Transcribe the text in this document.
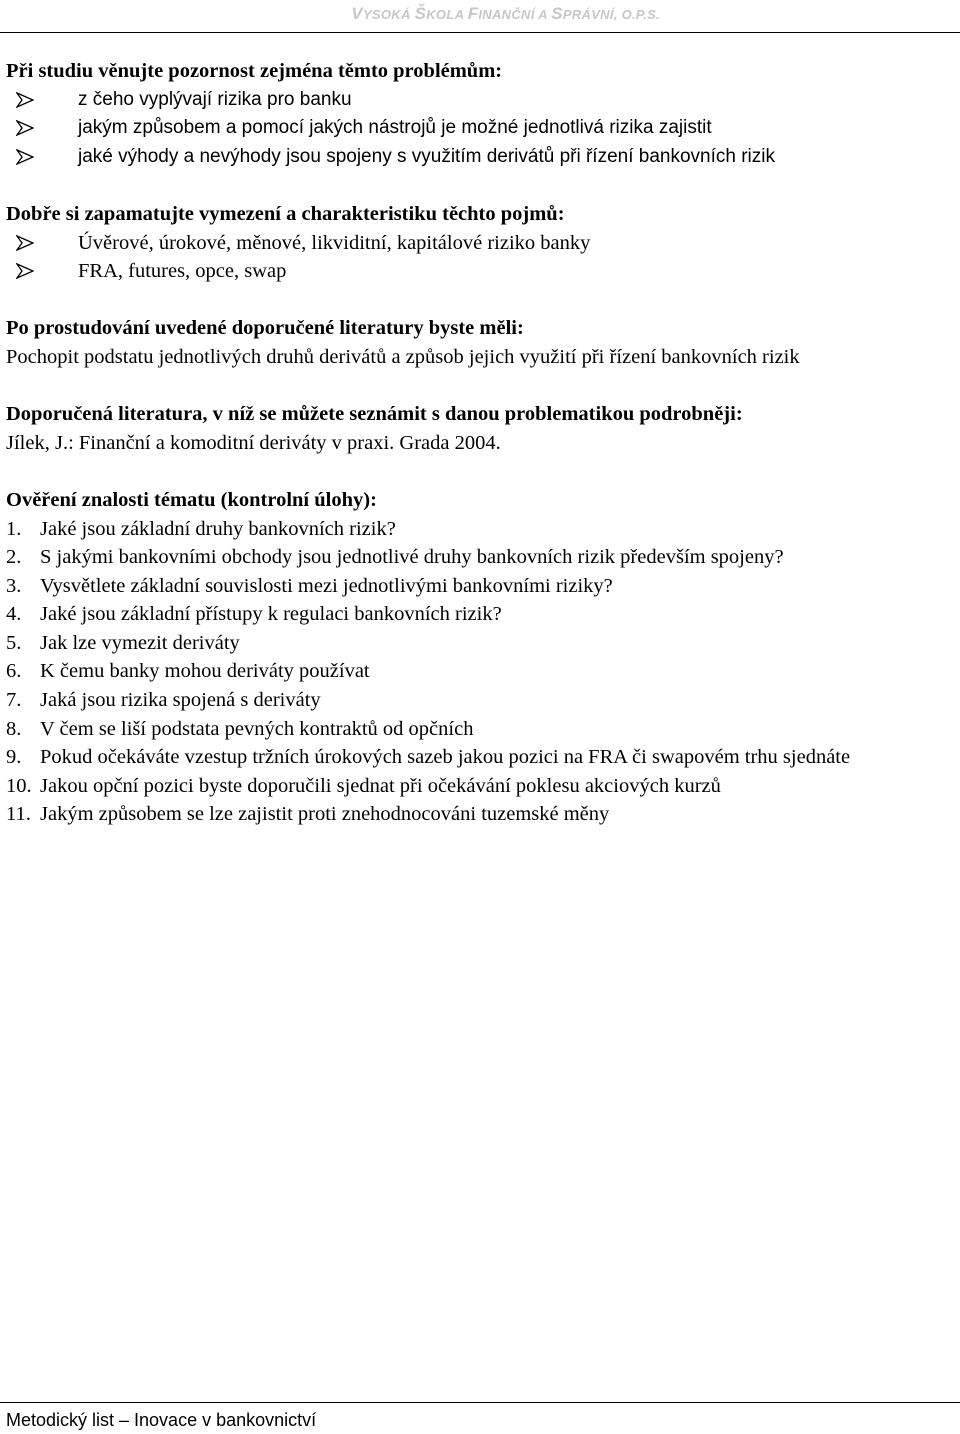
VYSOKÁ ŠKOLA FINANČNÍ A SPRÁVNÍ, O.P.S.

Při studiu věnujte pozornost zejména těmto problémům:

z čeho vyplývají rizika pro banku
jakým způsobem a pomocí jakých nástrojů je možné jednotlivá rizika zajistit
jaké výhody a nevýhody jsou spojeny s využitím derivátů při řízení bankovních rizik

Dobře si zapamatujte vymezení a charakteristiku těchto pojmů:

Úvěrové, úrokové, měnové, likviditní, kapitálové riziko banky
FRA, futures, opce, swap

Po prostudování uvedené doporučené literatury byste měli:

Pochopit podstatu jednotlivých druhů derivátů a způsob jejich využití při řízení bankovních rizik

Doporučená literatura, v níž se můžete seznámit s danou problematikou podrobněji:

Jílek, J.: Finanční a komoditní deriváty v praxi. Grada 2004.

Ověření znalosti tématu (kontrolní úlohy):

1. Jaké jsou základní druhy bankovních rizik?
2. S jakými bankovními obchody jsou jednotlivé druhy bankovních rizik především spojeny?
3. Vysvětlete základní souvislosti mezi jednotlivými bankovními riziky?
4. Jaké jsou základní přístupy k regulaci bankovních rizik?
5. Jak lze vymezit deriváty
6. K čemu banky mohou deriváty používat
7. Jaká jsou rizika spojená s deriváty
8. V čem se liší podstata pevných kontraktů od opčních
9. Pokud očekáváte vzestup tržních úrokových sazeb jakou pozici na FRA či swapovém trhu sjednáte
10. Jakou opční pozici byste doporučili sjednat při očekávání poklesu akciových kurzů
11. Jakým způsobem se lze zajistit proti znehodnocováni tuzemské měny
Metodický list – Inovace v bankovnictví
